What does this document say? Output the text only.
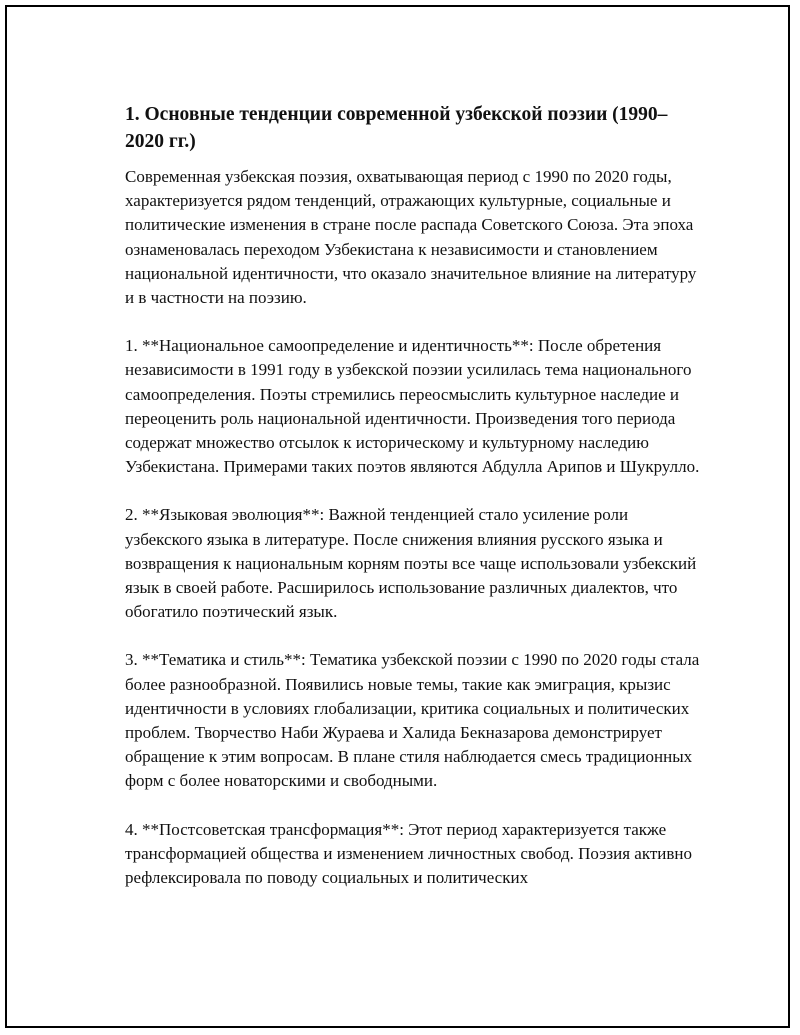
1. Основные тенденции современной узбекской поэзии (1990–2020 гг.)

Современная узбекская поэзия, охватывающая период с 1990 по 2020 годы, характеризуется рядом тенденций, отражающих культурные, социальные и политические изменения в стране после распада Советского Союза. Эта эпоха ознаменовалась переходом Узбекистана к независимости и становлением национальной идентичности, что оказало значительное влияние на литературу и в частности на поэзию.

1. **Национальное самоопределение и идентичность**: После обретения независимости в 1991 году в узбекской поэзии усилилась тема национального самоопределения. Поэты стремились переосмыслить культурное наследие и переоценить роль национальной идентичности. Произведения того периода содержат множество отсылок к историческому и культурному наследию Узбекистана. Примерами таких поэтов являются Абдулла Арипов и Шукрулло.

2. **Языковая эволюция**: Важной тенденцией стало усиление роли узбекского языка в литературе. После снижения влияния русского языка и возвращения к национальным корням поэты все чаще использовали узбекский язык в своей работе. Расширилось использование различных диалектов, что обогатило поэтический язык.

3. **Тематика и стиль**: Тематика узбекской поэзии с 1990 по 2020 годы стала более разнообразной. Появились новые темы, такие как эмиграция, крызис идентичности в условиях глобализации, критика социальных и политических проблем. Творчество Наби Жураева и Халида Бекназарова демонстрирует обращение к этим вопросам. В плане стиля наблюдается смесь традиционных форм с более новаторскими и свободными.

4. **Постсоветская трансформация**: Этот период характеризуется также трансформацией общества и изменением личностных свобод. Поэзия активно рефлексировала по поводу социальных и политических
